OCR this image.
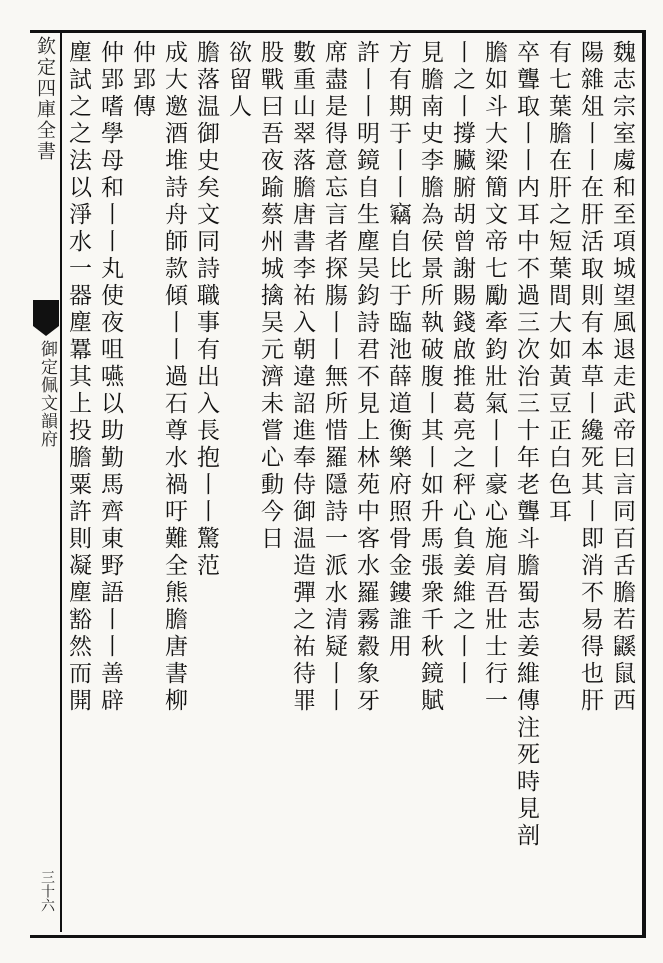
欽定四庫全書
御定佩文韻府
三十六
魏志宗室䖏和至項城望風退走武帝曰言同百舌膽若鼷鼠西
陽雜俎丨丨在肝活取則有本草丨纔死其丨即消不易得也肝
有七葉膽在肝之短葉間大如黃豆正白色耳
卒聾取丨丨内耳中不過三次治三十年老聾斗膽蜀志姜維傳注死時見剖
膽如斗大梁簡文帝七勵牽鈞壯氣丨丨豪心施肩吾壯士行一
丨之丨撐臟腑胡曾謝賜錢啟推葛亮之秤心負姜維之丨丨
見膽南史李膽為侯景所執破腹丨其丨如升馬張衆千秋鏡賦
方有期于丨丨竊自比于臨池薛道衡樂府照骨金鏤誰用
許丨丨明鏡自生塵吴鈞詩君不見上林苑中客水羅霧縠象牙
席盡是得意忘言者探膓丨丨無所惜羅隱詩一派水清疑丨丨
數重山翠落膽唐書李祐入朝違詔進奉侍御温造彈之祐待罪
股戰曰吾夜踰蔡州城擒吴元濟未嘗心動今日
欲留人
膽落温御史矣文同詩職事有出入長抱丨丨驚范
成大邀酒堆詩舟師款傾丨丨過石尊水禍吁難全熊膽唐書柳
仲郢傳
仲郢嗜學母和丨丨丸使夜咀嚥以助勤馬齊東野語丨丨善辟
塵試之之法以淨水一器塵羃其上投膽粟許則凝塵豁然而開
